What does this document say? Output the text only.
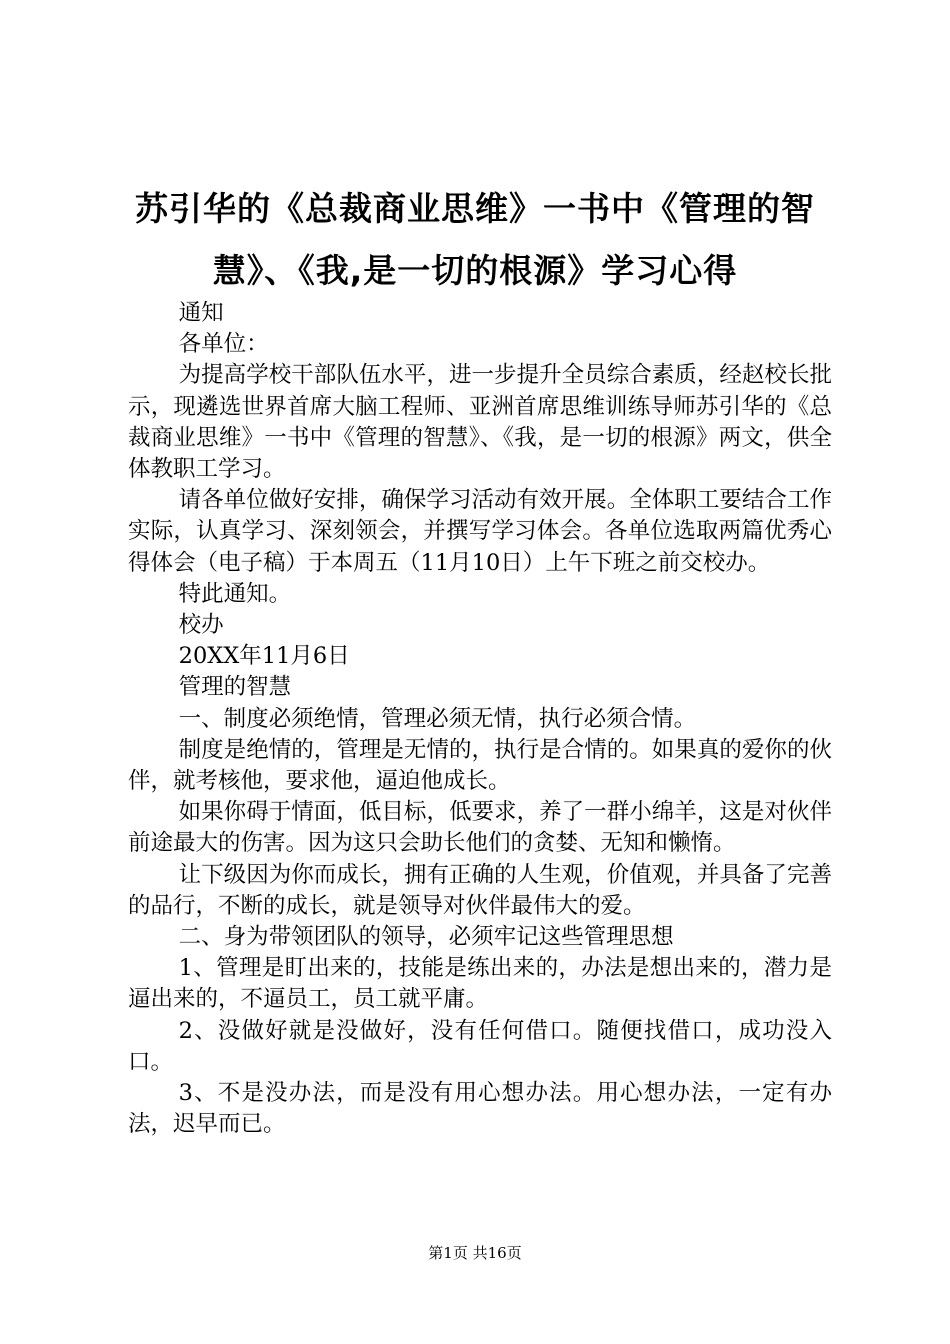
苏引华的《总裁商业思维》一书中《管理的智
慧》、《我,是一切的根源》学习心得

通知

各单位：

为提高学校干部队伍水平，进一步提升全员综合素质，经赵校长批示，现遴选世界首席大脑工程师、亚洲首席思维训练导师苏引华的《总裁商业思维》一书中《管理的智慧》、《我，是一切的根源》两文，供全体教职工学习。

请各单位做好安排，确保学习活动有效开展。全体职工要结合工作实际，认真学习、深刻领会，并撰写学习体会。各单位选取两篇优秀心得体会（电子稿）于本周五（11月10日）上午下班之前交校办。

特此通知。

校办

20XX年11月6日

管理的智慧

一、制度必须绝情，管理必须无情，执行必须合情。

制度是绝情的，管理是无情的，执行是合情的。如果真的爱你的伙伴，就考核他，要求他，逼迫他成长。

如果你碍于情面，低目标，低要求，养了一群小绵羊，这是对伙伴前途最大的伤害。因为这只会助长他们的贪婪、无知和懒惰。

让下级因为你而成长，拥有正确的人生观，价值观，并具备了完善的品行，不断的成长，就是领导对伙伴最伟大的爱。

二、身为带领团队的领导，必须牢记这些管理思想

1、管理是盯出来的，技能是练出来的，办法是想出来的，潜力是逼出来的，不逼员工，员工就平庸。

2、没做好就是没做好，没有任何借口。随便找借口，成功没入口。

3、不是没办法，而是没有用心想办法。用心想办法，一定有办法，迟早而已。

第1页 共16页
